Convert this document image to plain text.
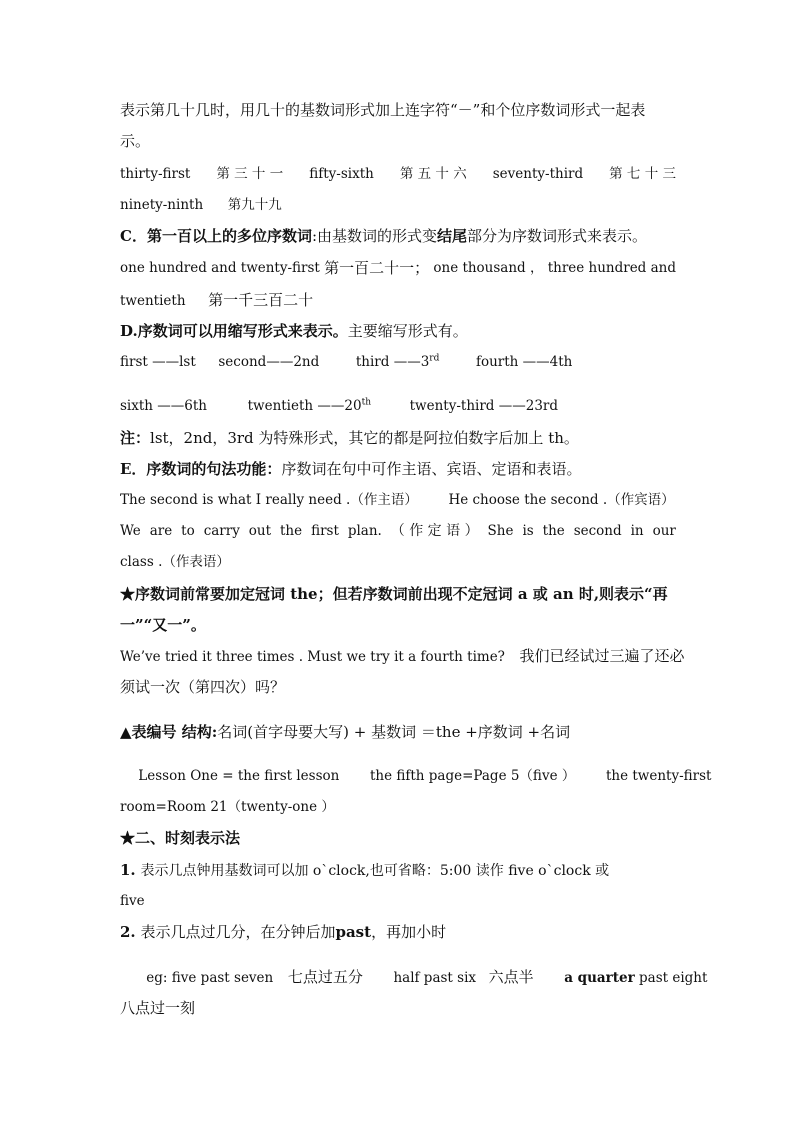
表示第几十几时，用几十的基数词形式加上连字符“－”和个位序数词形式一起表
示。
thirty-first 第 三 十 一 fifty-sixth 第 五 十 六 seventy-third 第 七 十 三
ninety-ninth 第九十九
C．第一百以上的多位序数词:由基数词的形式变结尾部分为序数词形式来表示。
one hundred and twenty-first 第一百二十一； one thousand ， three hundred and
twentieth 第一千三百二十
D.序数词可以用缩写形式来表示。主要缩写形式有。
first ——lst second——2nd	third ——3rd	fourth ——4th
sixth ——6th	twentieth ——20th	twenty-third ——23rd
注：lst，2nd，3rd 为特殊形式，其它的都是阿拉伯数字后加上 th。
E．序数词的句法功能：序数词在句中可作主语、宾语、定语和表语。
The second is what I really need .（作主语） He choose the second .（作宾语）
We are to carry out the first plan. （ 作 定 语 ） She is the second in our
class .（作表语）
★序数词前常要加定冠词 the；但若序数词前出现不定冠词 a 或 an 时,则表示“再
一”“又一”。
We’ve tried it three times . Must we try it a fourth time? 我们已经试过三遍了还必
须试一次（第四次）吗？
▲表编号 结构:名词(首字母要大写) + 基数词 ＝the +序数词 +名词
Lesson One = the first lesson the fifth page=Page 5（five ） the twenty-first
room=Room 21（twenty-one ）
★二、时刻表示法
1. 表示几点钟用基数词可以加 o`clock,也可省略：5:00 读作 five o`clock 或
five
2. 表示几点过几分，在分钟后加past，再加小时
eg: five past seven 七点过五分 half past six 六点半 a quarter past eight
八点过一刻
